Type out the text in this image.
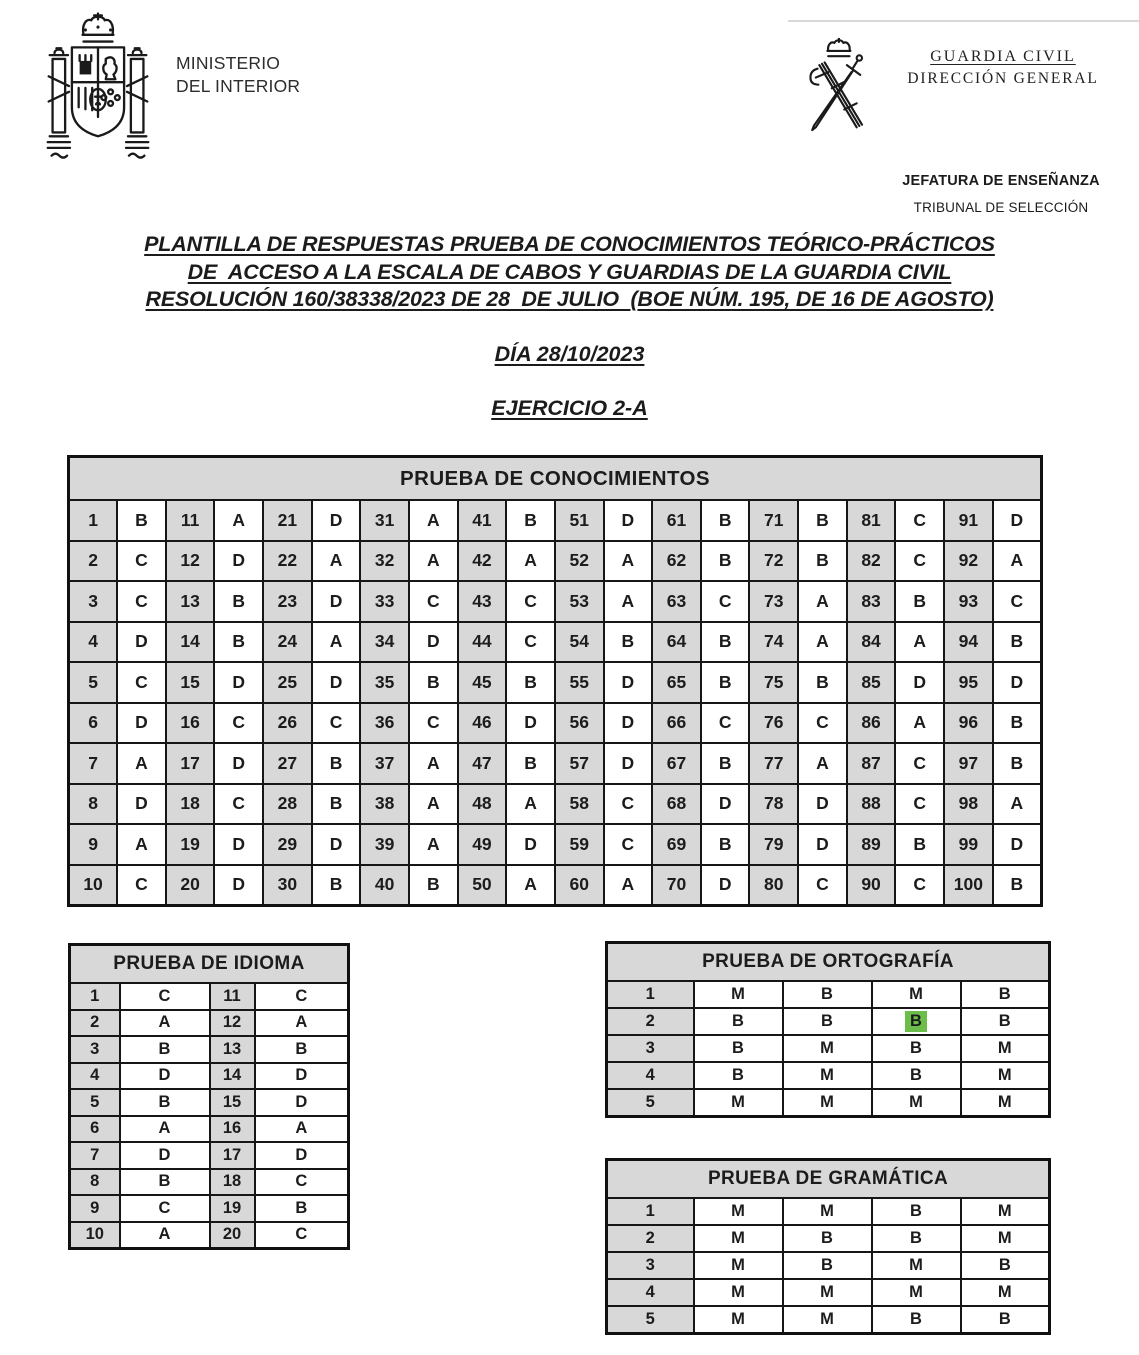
MINISTERIO
DEL INTERIOR
GUARDIA CIVIL
DIRECCIÓN GENERAL
JEFATURA DE ENSEÑANZA
TRIBUNAL DE SELECCIÓN
PLANTILLA DE RESPUESTAS PRUEBA DE CONOCIMIENTOS TEÓRICO-PRÁCTICOS
DE  ACCESO A LA ESCALA DE CABOS Y GUARDIAS DE LA GUARDIA CIVIL
RESOLUCIÓN 160/38338/2023 DE 28  DE JULIO  (BOE NÚM. 195, DE 16 DE AGOSTO)
DÍA 28/10/2023
EJERCICIO 2-A
PRUEBA DE CONOCIMIENTOS																			
1	B	11	A	21	D	31	A	41	B	51	D	61	B	71	B	81	C	91	D
2	C	12	D	22	A	32	A	42	A	52	A	62	B	72	B	82	C	92	A
3	C	13	B	23	D	33	C	43	C	53	A	63	C	73	A	83	B	93	C
4	D	14	B	24	A	34	D	44	C	54	B	64	B	74	A	84	A	94	B
5	C	15	D	25	D	35	B	45	B	55	D	65	B	75	B	85	D	95	D
6	D	16	C	26	C	36	C	46	D	56	D	66	C	76	C	86	A	96	B
7	A	17	D	27	B	37	A	47	B	57	D	67	B	77	A	87	C	97	B
8	D	18	C	28	B	38	A	48	A	58	C	68	D	78	D	88	C	98	A
9	A	19	D	29	D	39	A	49	D	59	C	69	B	79	D	89	B	99	D
10	C	20	D	30	B	40	B	50	A	60	A	70	D	80	C	90	C	100	B
PRUEBA DE IDIOMA			
1	C	11	C
2	A	12	A
3	B	13	B
4	D	14	D
5	B	15	D
6	A	16	A
7	D	17	D
8	B	18	C
9	C	19	B
10	A	20	C
PRUEBA DE ORTOGRAFÍA				
1	M	B	M	B
2	B	B	B	B
3	B	M	B	M
4	B	M	B	M
5	M	M	M	M
PRUEBA DE GRAMÁTICA				
1	M	M	B	M
2	M	B	B	M
3	M	B	M	B
4	M	M	M	M
5	M	M	B	B
